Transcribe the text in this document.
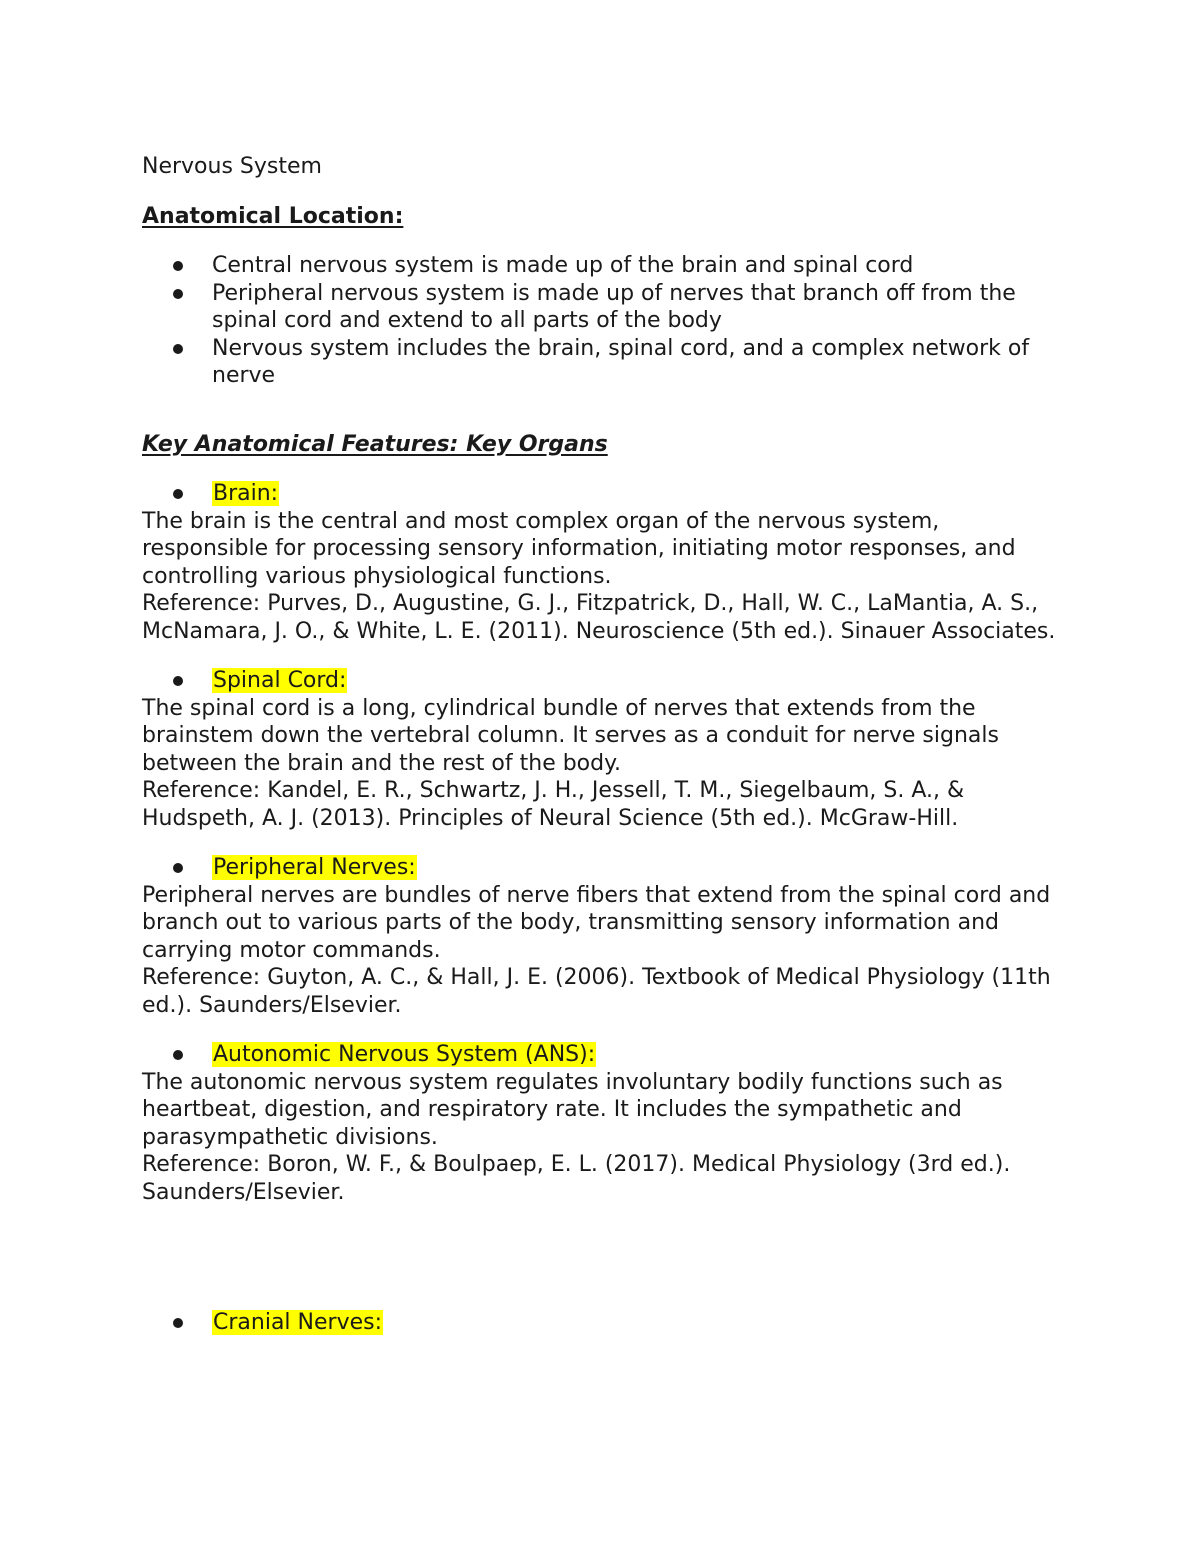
Nervous System

Anatomical Location:

Central nervous system is made up of the brain and spinal cord
Peripheral nervous system is made up of nerves that branch off from the spinal cord and extend to all parts of the body
Nervous system includes the brain, spinal cord, and a complex network of nerve

Key Anatomical Features: Key Organs

Brain:

The brain is the central and most complex organ of the nervous system, responsible for processing sensory information, initiating motor responses, and controlling various physiological functions.

Reference: Purves, D., Augustine, G. J., Fitzpatrick, D., Hall, W. C., LaMantia, A. S., McNamara, J. O., & White, L. E. (2011). Neuroscience (5th ed.). Sinauer Associates.

Spinal Cord:

The spinal cord is a long, cylindrical bundle of nerves that extends from the brainstem down the vertebral column. It serves as a conduit for nerve signals between the brain and the rest of the body.

Reference: Kandel, E. R., Schwartz, J. H., Jessell, T. M., Siegelbaum, S. A., & Hudspeth, A. J. (2013). Principles of Neural Science (5th ed.). McGraw-Hill.

Peripheral Nerves:

Peripheral nerves are bundles of nerve fibers that extend from the spinal cord and branch out to various parts of the body, transmitting sensory information and carrying motor commands.

Reference: Guyton, A. C., & Hall, J. E. (2006). Textbook of Medical Physiology (11th ed.). Saunders/Elsevier.

Autonomic Nervous System (ANS):

The autonomic nervous system regulates involuntary bodily functions such as heartbeat, digestion, and respiratory rate. It includes the sympathetic and parasympathetic divisions.

Reference: Boron, W. F., & Boulpaep, E. L. (2017). Medical Physiology (3rd ed.). Saunders/Elsevier.

Cranial Nerves:
